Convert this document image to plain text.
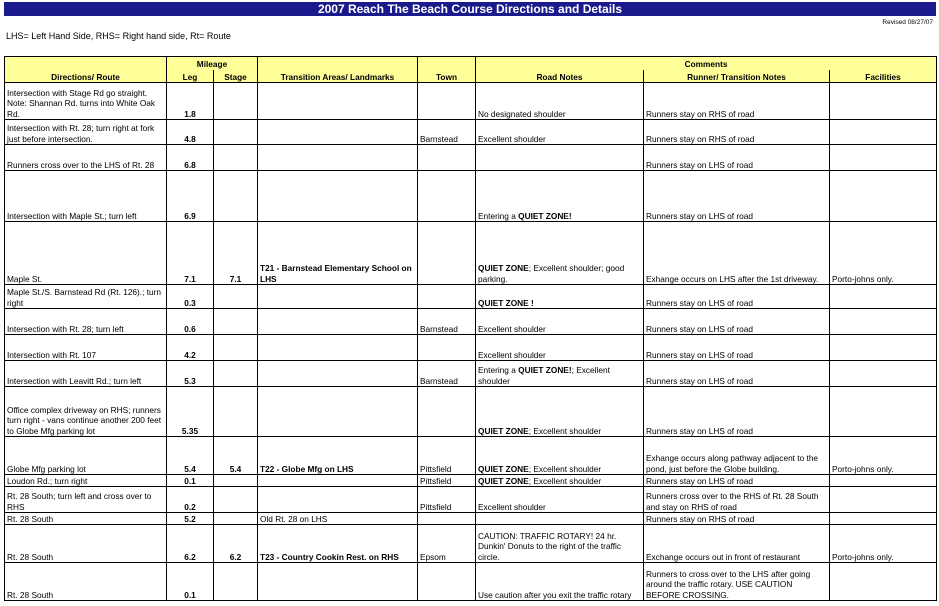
2007 Reach The Beach Course Directions and Details
Revised 08/27/07
LHS= Left Hand Side, RHS= Right hand side, Rt= Route
	Mileage				Comments		
Directions/ Route	Leg	Stage	Transition Areas/ Landmarks	Town	Road Notes	Runner/ Transition Notes	Facilities
Intersection with Stage Rd go straight. Note: Shannan Rd. turns into White Oak Rd.	1.8				No designated shoulder	Runners stay on RHS of road	
Intersection with Rt. 28; turn right at fork just before intersection.	4.8			Barnstead	Excellent shoulder	Runners stay on RHS of road	
Runners cross over to the LHS of Rt. 28	6.8					Runners stay on LHS of road	
Intersection with Maple St.; turn left	6.9				Entering a QUIET ZONE!	Runners stay on LHS of road	
Maple St.	7.1	7.1	T21 - Barnstead Elementary School on LHS		QUIET ZONE; Excellent shoulder; good parking.	Exhange occurs on LHS after the 1st driveway.	Porto-johns only.
Maple St./S. Barnstead Rd (Rt. 126).; turn right	0.3				QUIET ZONE !	Runners stay on LHS of road	
Intersection with Rt. 28; turn left	0.6			Barnstead	Excellent shoulder	Runners stay on LHS of road	
Intersection with Rt. 107	4.2				Excellent shoulder	Runners stay on LHS of road	
Intersection with Leavitt Rd.; turn left	5.3			Barnstead	Entering a QUIET ZONE!; Excellent shoulder	Runners stay on LHS of road	
Office complex driveway on RHS; runners turn right - vans continue another 200 feet to Globe Mfg parking lot	5.35				QUIET ZONE; Excellent shoulder	Runners stay on LHS of road	
Globe Mfg parking lot	5.4	5.4	T22 - Globe Mfg on LHS	Pittsfield	QUIET ZONE; Excellent shoulder	Exhange occurs along pathway adjacent to the pond, just before the Globe building.	Porto-johns only.
Loudon Rd.; turn right	0.1			Pittsfield	QUIET ZONE; Excellent shoulder	Runners stay on LHS of road	
Rt. 28 South; turn left and cross over to RHS	0.2			Pittsfield	Excellent shoulder	Runners cross over to the RHS of Rt. 28 South and stay on RHS of road	
Rt. 28 South	5.2		Old Rt. 28 on LHS			Runners stay on RHS of road	
Rt. 28 South	6.2	6.2	T23 - Country Cookin Rest. on RHS	Epsom	CAUTION: TRAFFIC ROTARY! 24 hr. Dunkin' Donuts to the right of the traffic circle.	Exchange occurs out in front of restaurant	Porto-johns only.
Rt. 28 South	0.1				Use caution after you exit the traffic rotary	Runners to cross over to the LHS after going around the traffic rotary. USE CAUTION BEFORE CROSSING.	
